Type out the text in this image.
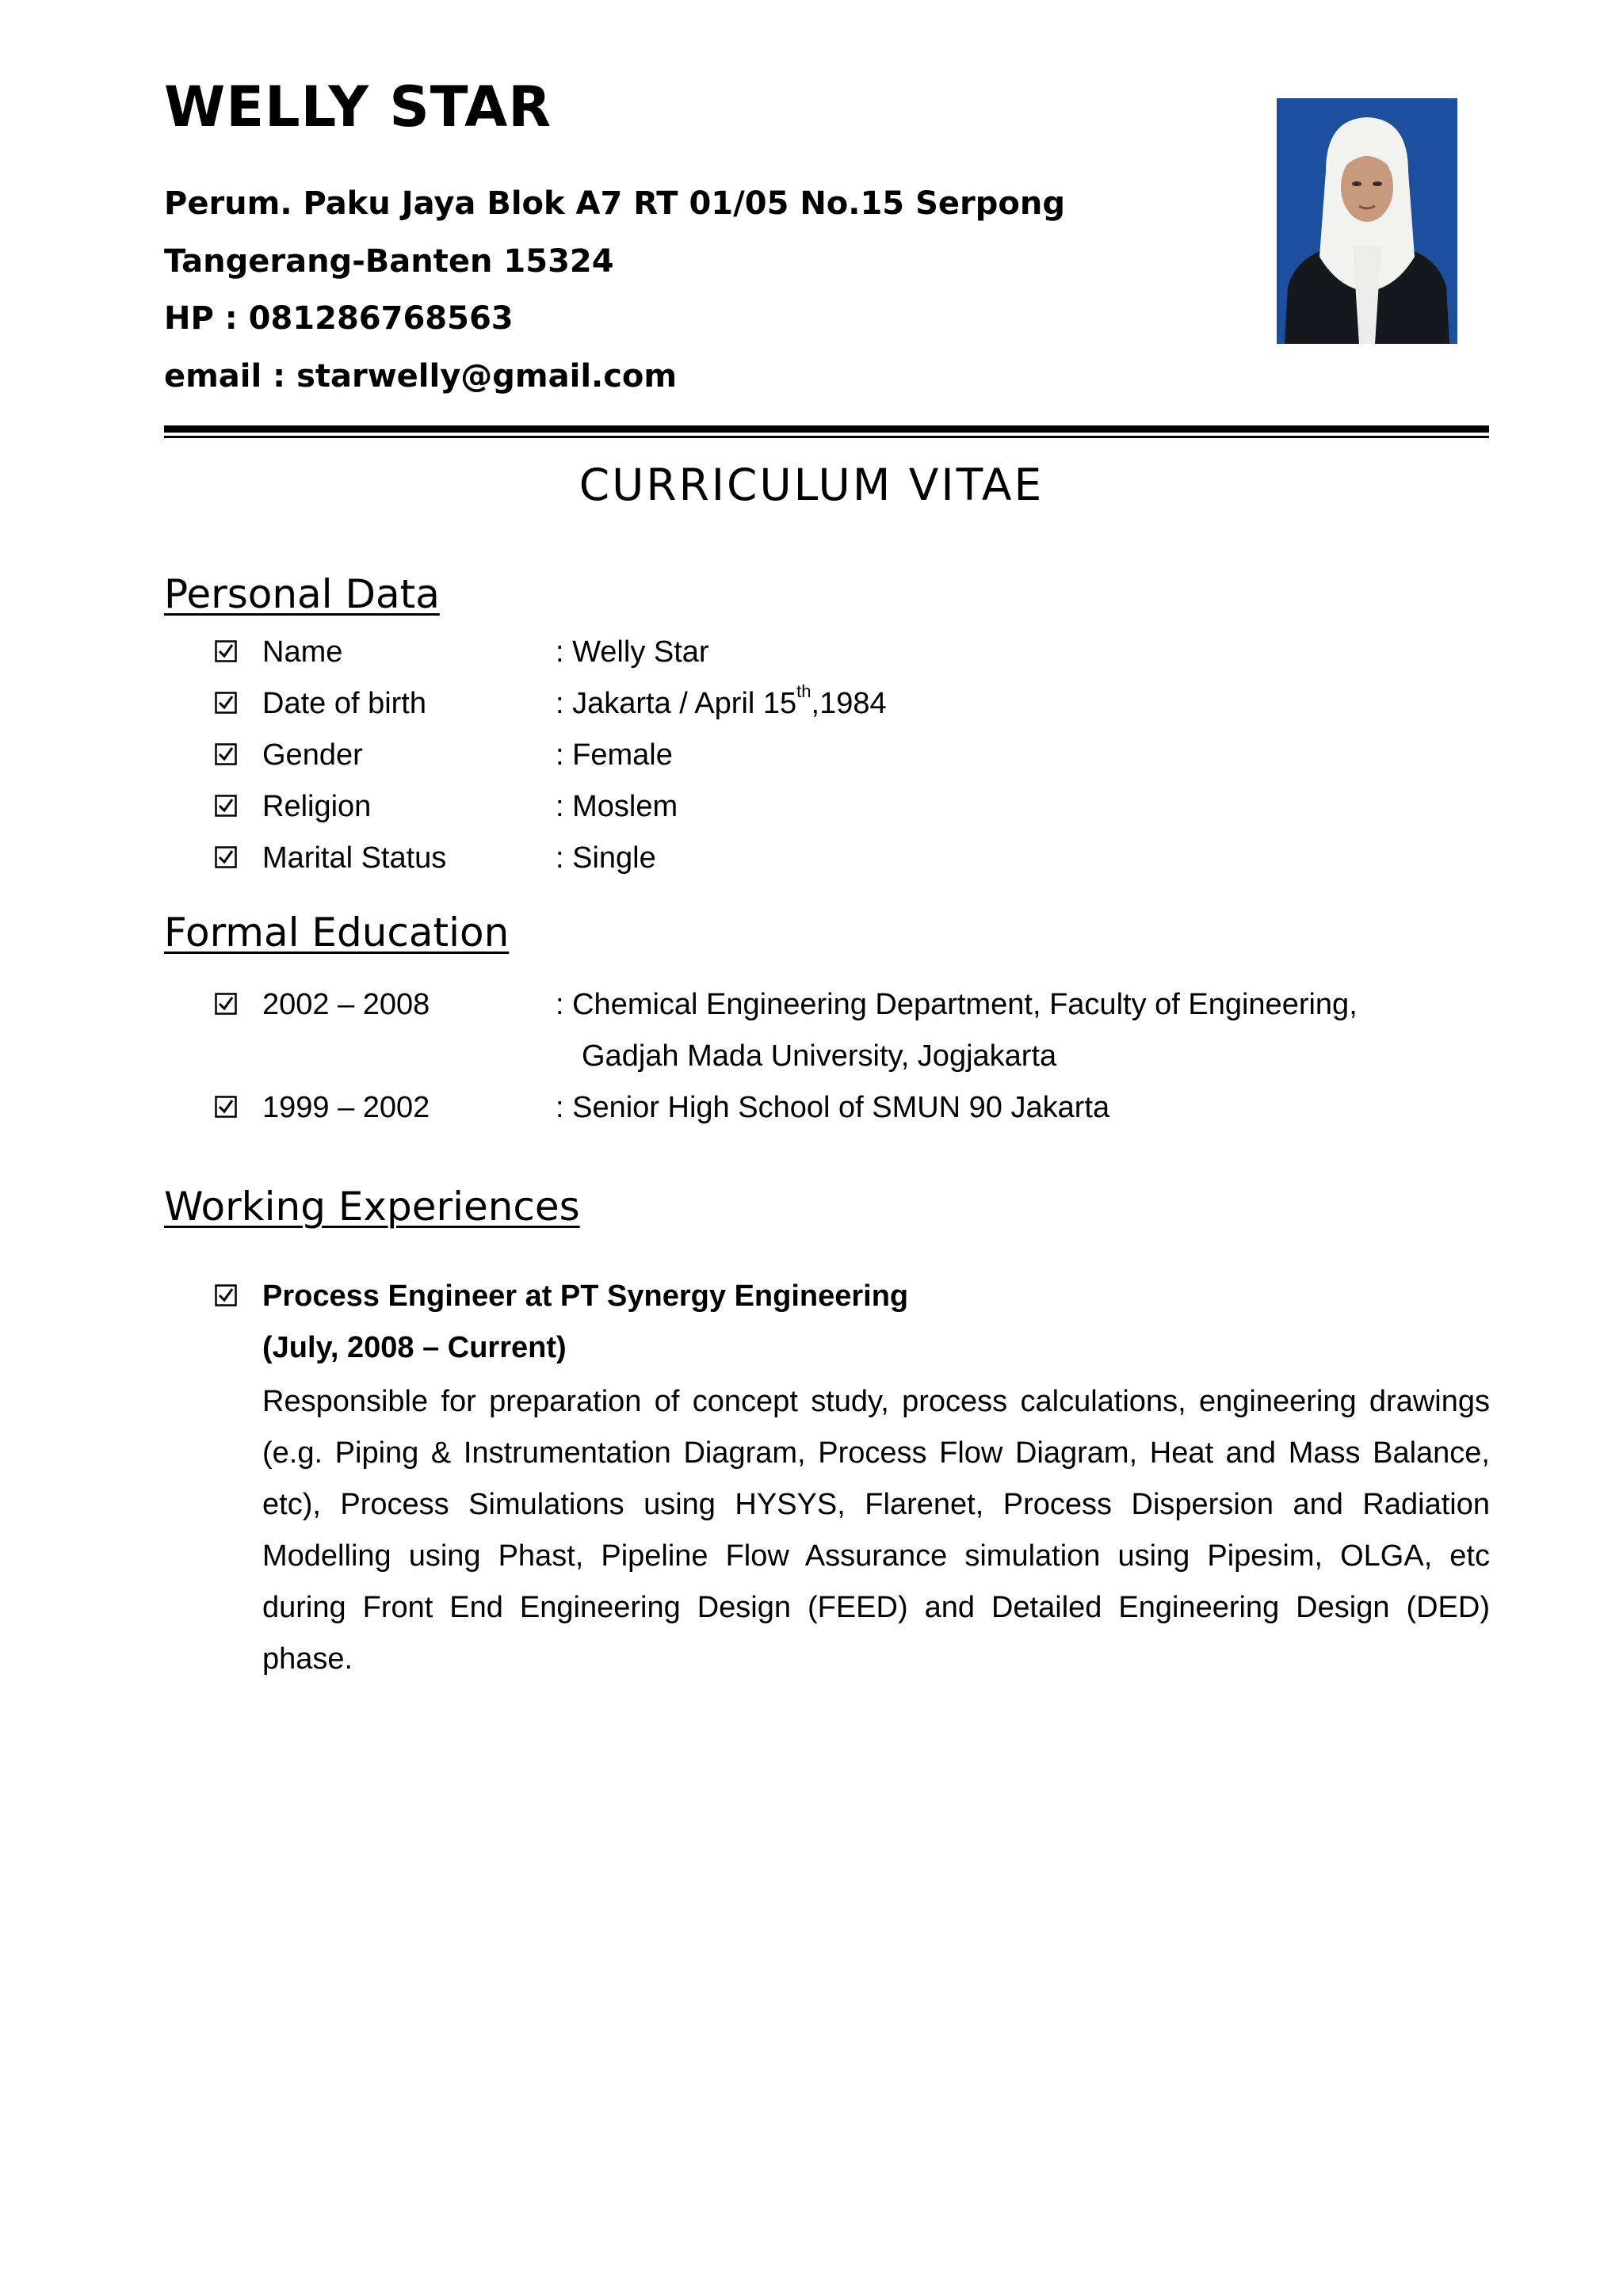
WELLY STAR
Perum. Paku Jaya Blok A7 RT 01/05 No.15 Serpong
Tangerang-Banten 15324
HP : 081286768563
email : starwelly@gmail.com
CURRICULUM VITAE
Personal Data
Name	: Welly Star
Date of birth	: Jakarta / April 15th,1984
Gender	: Female
Religion	: Moslem
Marital Status	: Single
Formal Education
2002 – 2008	: Chemical Engineering Department, Faculty of Engineering,
Gadjah Mada University, Jogjakarta
1999 – 2002	: Senior High School of SMUN 90 Jakarta
Working Experiences
Process Engineer at PT Synergy Engineering
(July, 2008 – Current)

Responsible for preparation of concept study, process calculations, engineering drawings (e.g. Piping & Instrumentation Diagram, Process Flow Diagram, Heat and Mass Balance, etc), Process Simulations using HYSYS, Flarenet, Process Dispersion and Radiation Modelling using Phast, Pipeline Flow Assurance simulation using Pipesim, OLGA, etc during Front End Engineering Design (FEED) and Detailed Engineering Design (DED) phase.
